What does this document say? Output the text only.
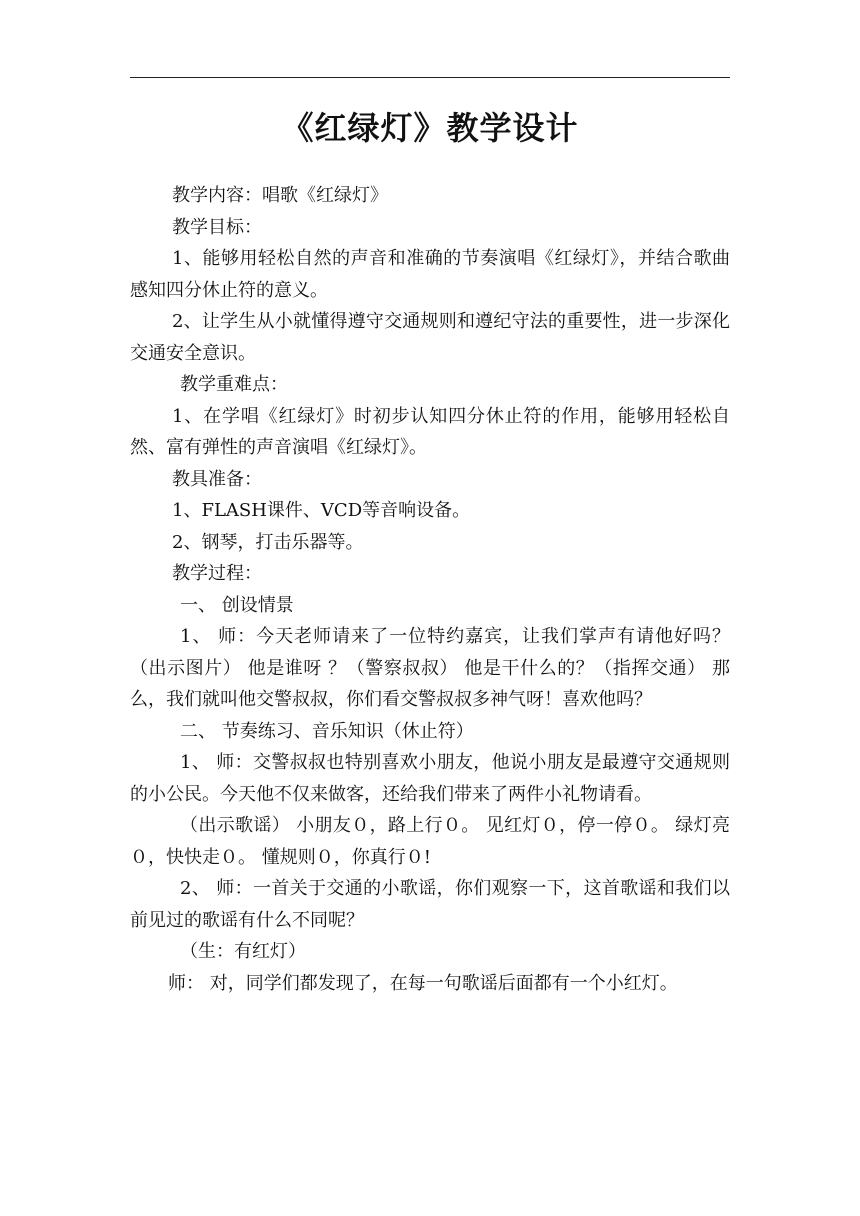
《红绿灯》教学设计

教学内容：唱歌《红绿灯》

教学目标：

1、能够用轻松自然的声音和准确的节奏演唱《红绿灯》，并结合歌曲感知四分休止符的意义。

2、让学生从小就懂得遵守交通规则和遵纪守法的重要性，进一步深化交通安全意识。

教学重难点：

1、在学唱《红绿灯》时初步认知四分休止符的作用，能够用轻松自然、富有弹性的声音演唱《红绿灯》。

教具准备：

1、FLASH课件、VCD等音响设备。

2、钢琴，打击乐器等。

教学过程：

一、 创设情景

1、 师：今天老师请来了一位特约嘉宾，让我们掌声有请他好吗？（出示图片） 他是谁呀 ？（警察叔叔） 他是干什么的？（指挥交通） 那么，我们就叫他交警叔叔，你们看交警叔叔多神气呀！喜欢他吗？

二、 节奏练习、音乐知识（休止符）

1、 师：交警叔叔也特别喜欢小朋友，他说小朋友是最遵守交通规则的小公民。今天他不仅来做客，还给我们带来了两件小礼物请看。

（出示歌谣） 小朋友０，路上行０。 见红灯０，停一停０。 绿灯亮０，快快走０。 懂规则０，你真行０!

2、 师：一首关于交通的小歌谣，你们观察一下，这首歌谣和我们以前见过的歌谣有什么不同呢？

（生：有红灯）

师： 对，同学们都发现了，在每一句歌谣后面都有一个小红灯。
